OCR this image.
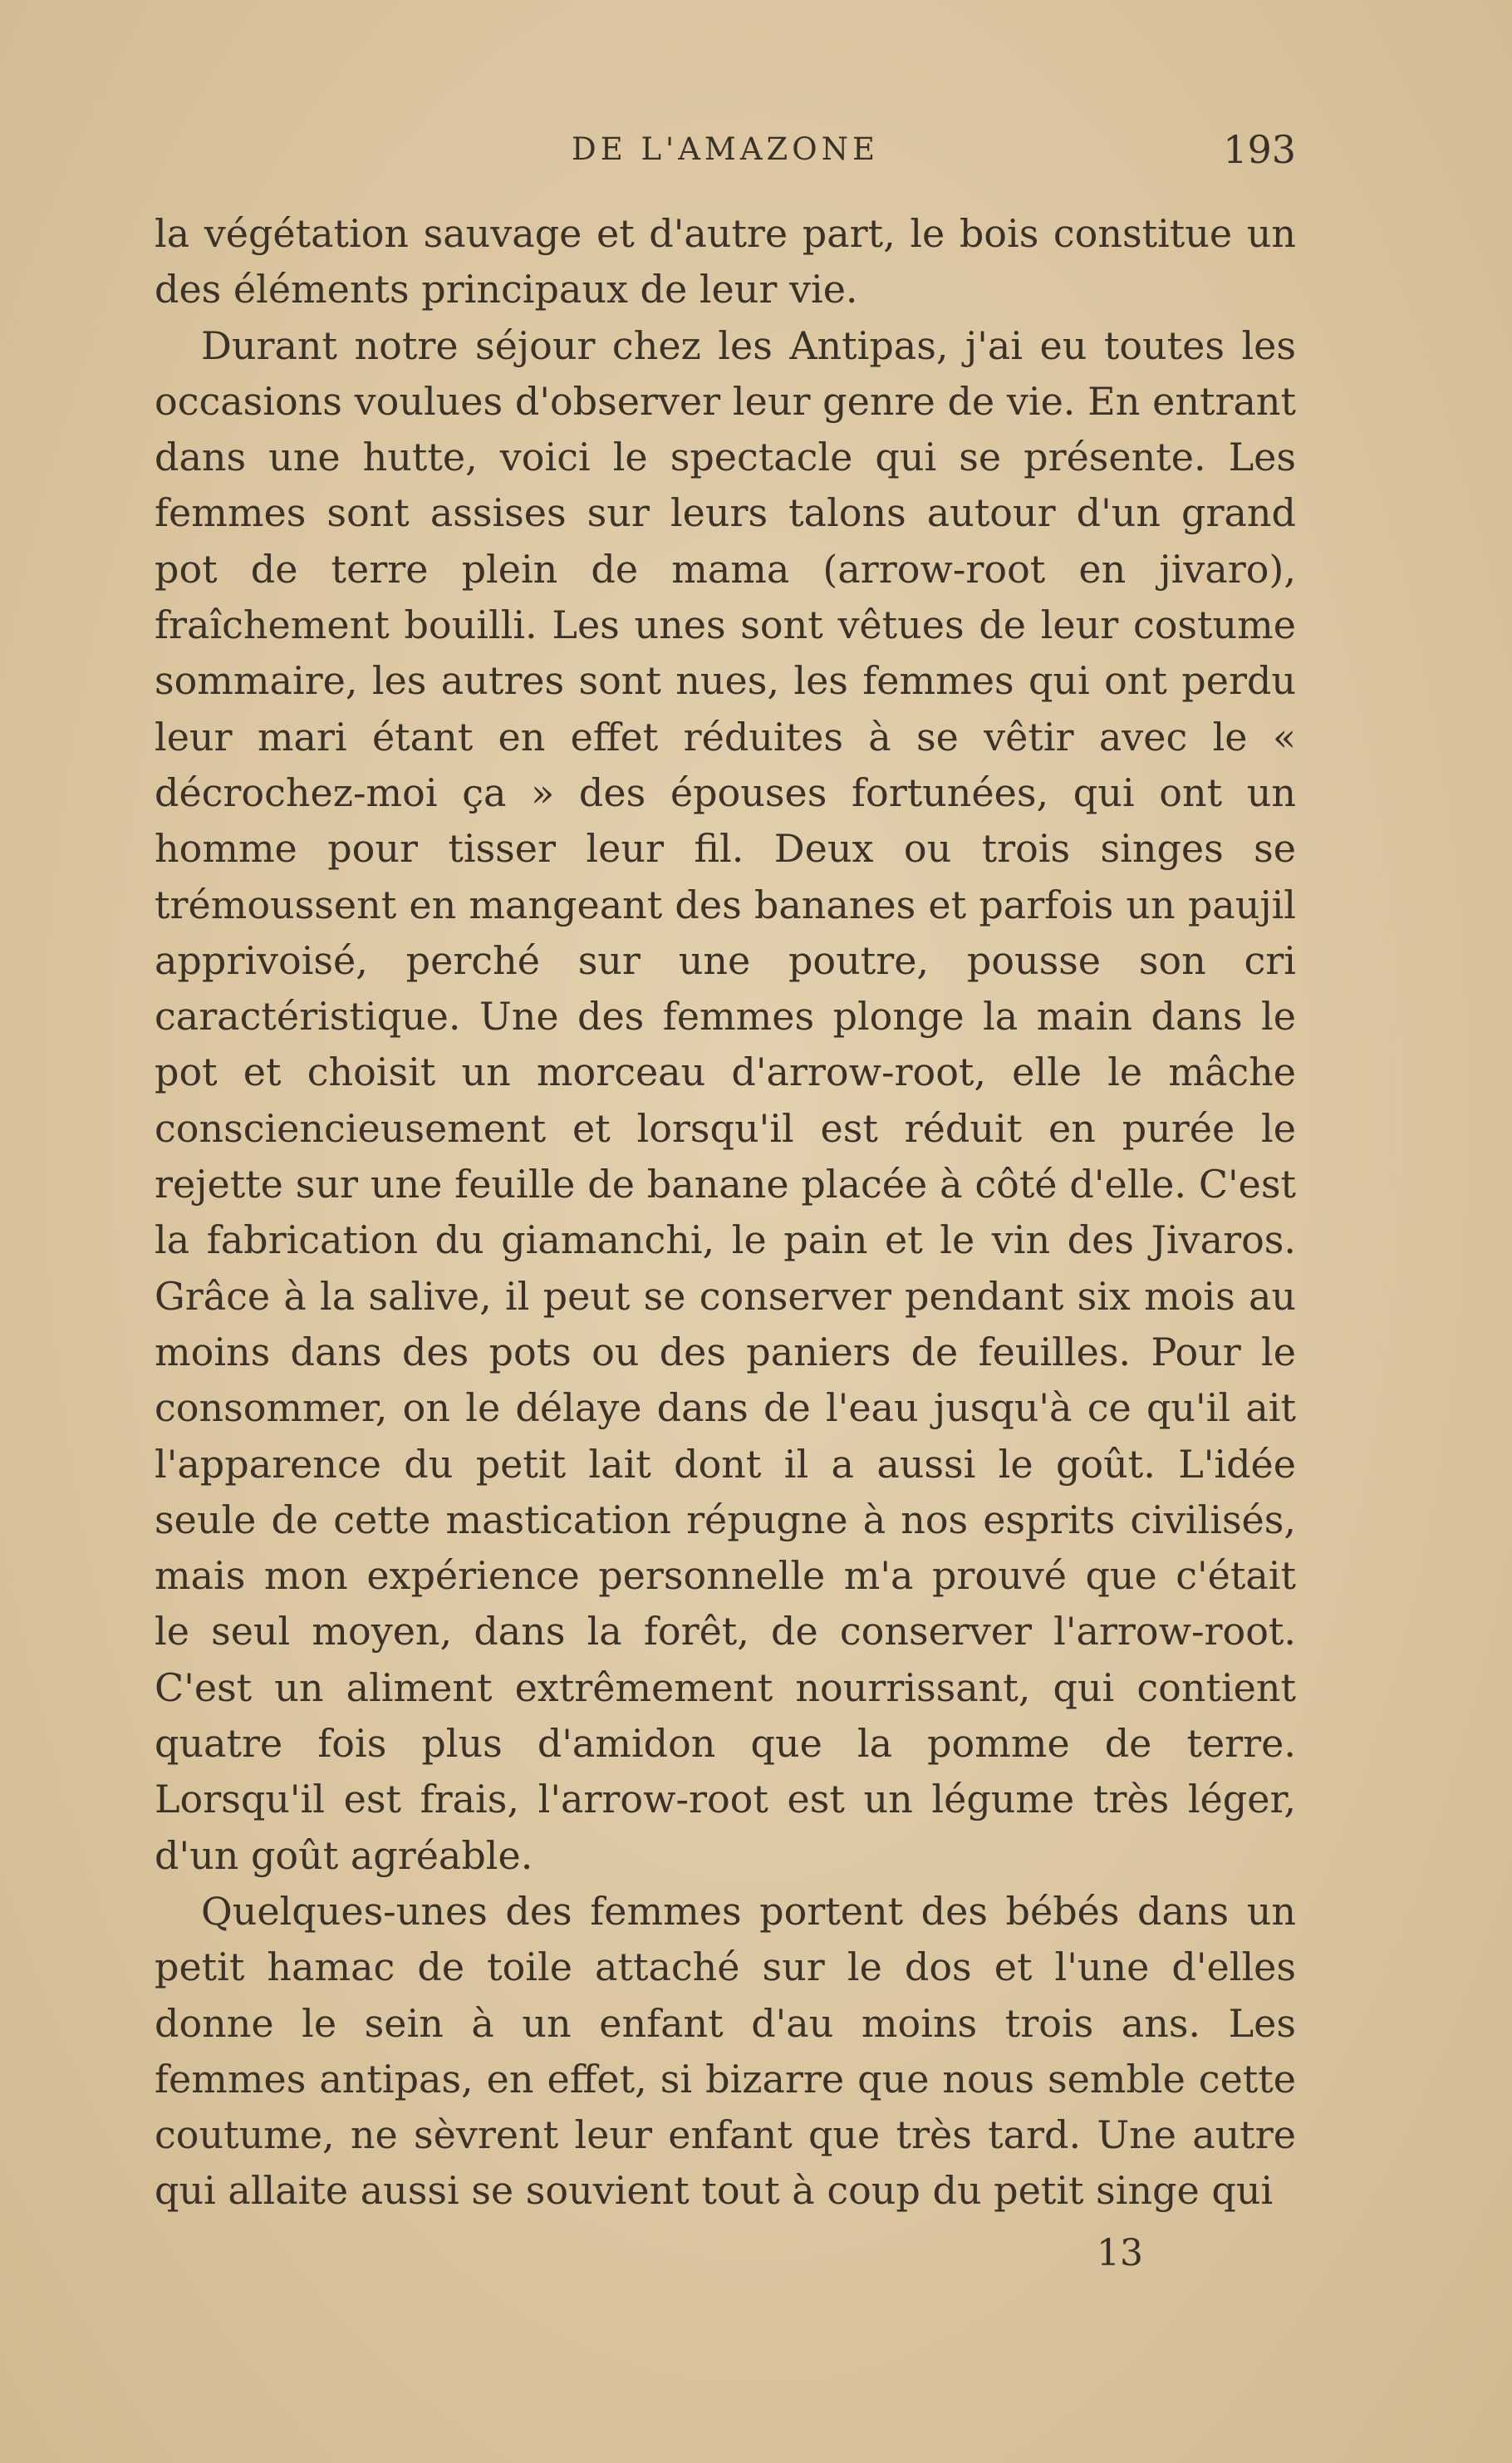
DE L'AMAZONE	193

la végétation sauvage et d'autre part, le bois constitue un des éléments principaux de leur vie.

Durant notre séjour chez les Antipas, j'ai eu toutes les occasions voulues d'observer leur genre de vie. En entrant dans une hutte, voici le spectacle qui se présente. Les femmes sont assises sur leurs talons autour d'un grand pot de terre plein de mama (arrow-root en jivaro), fraîchement bouilli. Les unes sont vêtues de leur costume sommaire, les autres sont nues, les femmes qui ont perdu leur mari étant en effet réduites à se vêtir avec le « décrochez-moi ça » des épouses fortunées, qui ont un homme pour tisser leur fil. Deux ou trois singes se trémoussent en mangeant des bananes et parfois un paujil apprivoisé, perché sur une poutre, pousse son cri caractéristique. Une des femmes plonge la main dans le pot et choisit un morceau d'arrow-root, elle le mâche consciencieusement et lorsqu'il est réduit en purée le rejette sur une feuille de banane placée à côté d'elle. C'est la fabrication du giamanchi, le pain et le vin des Jivaros. Grâce à la salive, il peut se conserver pendant six mois au moins dans des pots ou des paniers de feuilles. Pour le consommer, on le délaye dans de l'eau jusqu'à ce qu'il ait l'apparence du petit lait dont il a aussi le goût. L'idée seule de cette mastication répugne à nos esprits civilisés, mais mon expérience personnelle m'a prouvé que c'était le seul moyen, dans la forêt, de conserver l'arrow-root. C'est un aliment extrêmement nourrissant, qui contient quatre fois plus d'amidon que la pomme de terre. Lorsqu'il est frais, l'arrow-root est un légume très léger, d'un goût agréable.

Quelques-unes des femmes portent des bébés dans un petit hamac de toile attaché sur le dos et l'une d'elles donne le sein à un enfant d'au moins trois ans. Les femmes antipas, en effet, si bizarre que nous semble cette coutume, ne sèvrent leur enfant que très tard. Une autre qui allaite aussi se souvient tout à coup du petit singe qui

13
